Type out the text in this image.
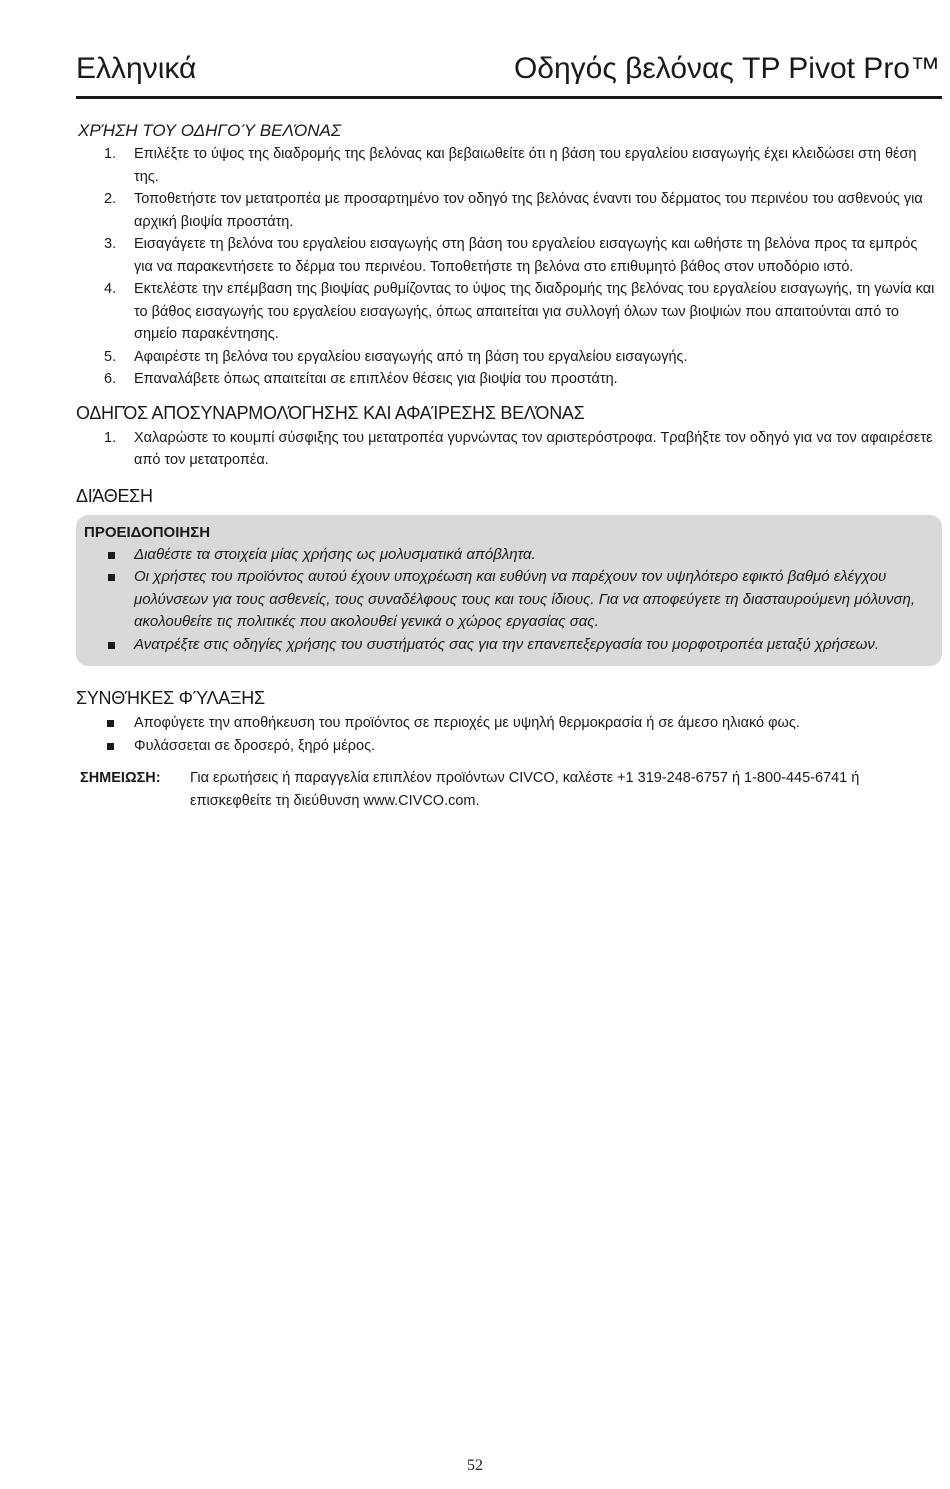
Ελληνικά	Οδηγός βελόνας TP Pivot Pro™
ΧΡΉΣΗ ΤΟΥ ΟΔΗΓΟΎ ΒΕΛΌΝΑΣ
1. Επιλέξτε το ύψος της διαδρομής της βελόνας και βεβαιωθείτε ότι η βάση του εργαλείου εισαγωγής έχει κλειδώσει στη θέση της.
2. Τοποθετήστε τον μετατροπέα με προσαρτημένο τον οδηγό της βελόνας έναντι του δέρματος του περινέου του ασθενούς για αρχική βιοψία προστάτη.
3. Εισαγάγετε τη βελόνα του εργαλείου εισαγωγής στη βάση του εργαλείου εισαγωγής και ωθήστε τη βελόνα προς τα εμπρός για να παρακεντήσετε το δέρμα του περινέου. Τοποθετήστε τη βελόνα στο επιθυμητό βάθος στον υποδόριο ιστό.
4. Εκτελέστε την επέμβαση της βιοψίας ρυθμίζοντας το ύψος της διαδρομής της βελόνας του εργαλείου εισαγωγής, τη γωνία και το βάθος εισαγωγής του εργαλείου εισαγωγής, όπως απαιτείται για συλλογή όλων των βιοψιών που απαιτούνται από το σημείο παρακέντησης.
5. Αφαιρέστε τη βελόνα του εργαλείου εισαγωγής από τη βάση του εργαλείου εισαγωγής.
6. Επαναλάβετε όπως απαιτείται σε επιπλέον θέσεις για βιοψία του προστάτη.
ΟΔΗΓΌΣ ΑΠΟΣΥΝΑΡΜΟΛΌΓΗΣΗΣ ΚΑΙ ΑΦΑΊΡΕΣΗΣ ΒΕΛΌΝΑΣ
1. Χαλαρώστε το κουμπί σύσφιξης του μετατροπέα γυρνώντας τον αριστερόστροφα. Τραβήξτε τον οδηγό για να τον αφαιρέσετε από τον μετατροπέα.
ΔΙΆΘΕΣΗ
ΠΡΟΕΙΔΟΠΟΙΗΣΗ
Διαθέστε τα στοιχεία μίας χρήσης ως μολυσματικά απόβλητα.
Οι χρήστες του προϊόντος αυτού έχουν υποχρέωση και ευθύνη να παρέχουν τον υψηλότερο εφικτό βαθμό ελέγχου μολύνσεων για τους ασθενείς, τους συναδέλφους τους και τους ίδιους. Για να αποφεύγετε τη διασταυρούμενη μόλυνση, ακολουθείτε τις πολιτικές που ακολουθεί γενικά ο χώρος εργασίας σας.
Ανατρέξτε στις οδηγίες χρήσης του συστήματός σας για την επανεπεξεργασία του μορφοτροπέα μεταξύ χρήσεων.
ΣΥΝΘΉΚΕΣ ΦΎΛΑΞΗΣ
Αποφύγετε την αποθήκευση του προϊόντος σε περιοχές με υψηλή θερμοκρασία ή σε άμεσο ηλιακό φως.
Φυλάσσεται σε δροσερό, ξηρό μέρος.
ΣΗΜΕΙΩΣΗ:	Για ερωτήσεις ή παραγγελία επιπλέον προϊόντων CIVCO, καλέστε +1 319-248-6757 ή 1-800-445-6741 ή επισκεφθείτε τη διεύθυνση www.CIVCO.com.
52
